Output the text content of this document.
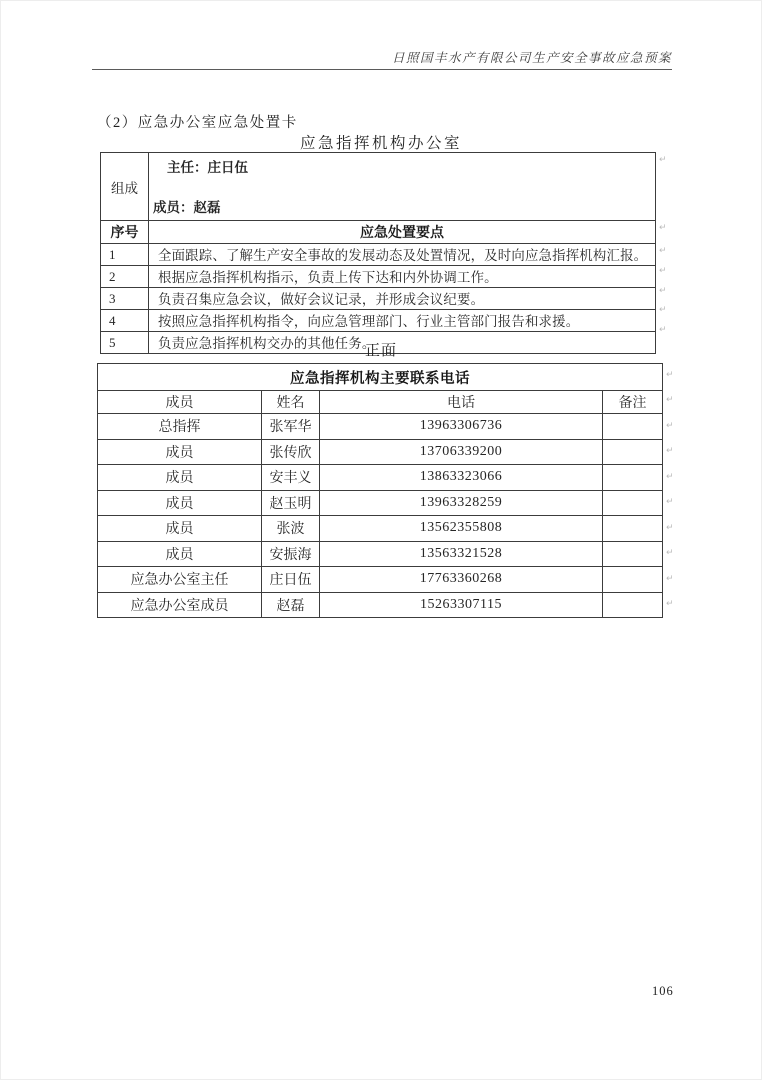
日照国丰水产有限公司生产安全事故应急预案
（2）应急办公室应急处置卡
应急指挥机构办公室
组成	主任：庄日伍
成员：赵磊

序号	应急处置要点
1	全面跟踪、了解生产安全事故的发展动态及处置情况，及时向应急指挥机构汇报。
2	根据应急指挥机构指示，负责上传下达和内外协调工作。
3	负责召集应急会议，做好会议记录，并形成会议纪要。
4	按照应急指挥机构指令，向应急管理部门、行业主管部门报告和求援。
5	负责应急指挥机构交办的其他任务。
正面
应急指挥机构主要联系电话			
成员	姓名	电话	备注
总指挥	张军华	13963306736	
成员	张传欣	13706339200	
成员	安丰义	13863323066	
成员	赵玉明	13963328259	
成员	张波	13562355808	
成员	安振海	13563321528	
应急办公室主任	庄日伍	17763360268	
应急办公室成员	赵磊	15263307115	
↵
↵
↵
↵
↵
↵
↵
↵
↵
↵
↵
↵
↵
↵
↵
↵
↵
106
